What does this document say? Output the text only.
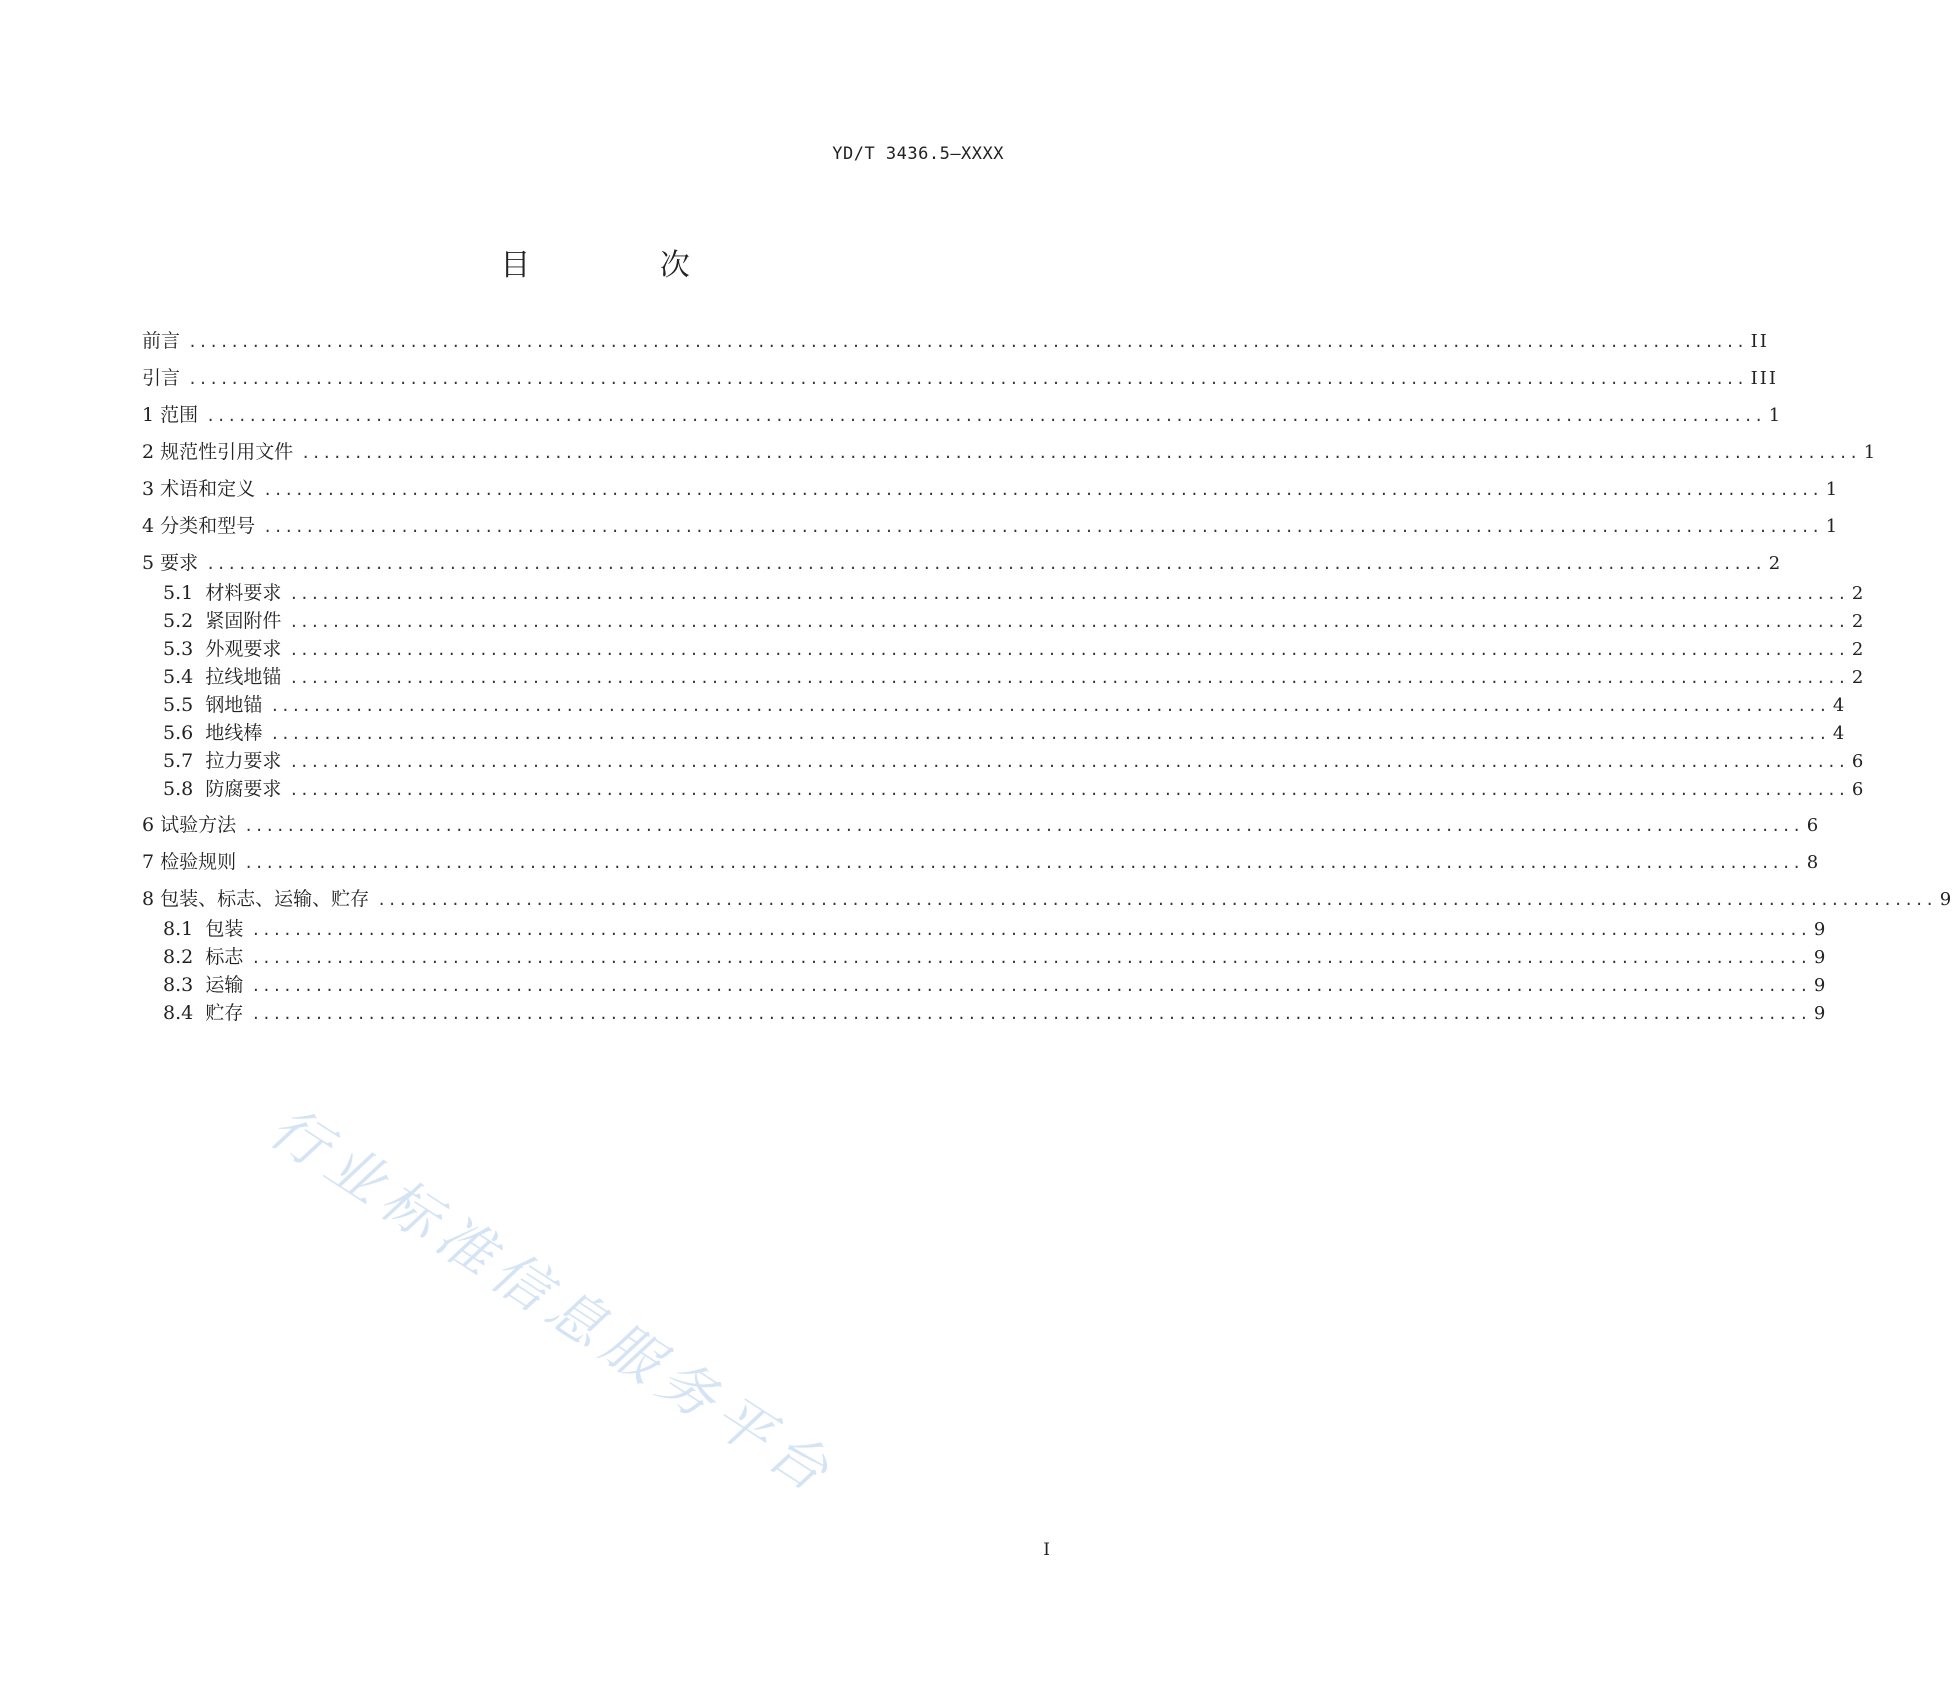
YD/T 3436.5—XXXX
目 次
前 言 .................................................................................................................................................... II
引 言 .................................................................................................................................................... III
1 范围 .................................................................................................................................................... 1
2 规范性引用文件 .................................................................................................................................................... 1
3 术语和定义 .................................................................................................................................................... 1
4 分类和型号 .................................................................................................................................................... 1
5 要求 .................................................................................................................................................... 2
5.1 材料要求 .................................................................................................................................................... 2
5.2 紧固附件 .................................................................................................................................................... 2
5.3 外观要求 .................................................................................................................................................... 2
5.4 拉线地锚 .................................................................................................................................................... 2
5.5 钢地锚 .................................................................................................................................................... 4
5.6 地线棒 .................................................................................................................................................... 4
5.7 拉力要求 .................................................................................................................................................... 6
5.8 防腐要求 .................................................................................................................................................... 6
6 试验方法 .................................................................................................................................................... 6
7 检验规则 .................................................................................................................................................... 8
8 包装、标志、运输、贮存 .................................................................................................................................................... 9
8.1 包装 .................................................................................................................................................... 9
8.2 标志 .................................................................................................................................................... 9
8.3 运输 .................................................................................................................................................... 9
8.4 贮存 .................................................................................................................................................... 9
行业标准信息服务平台
I
